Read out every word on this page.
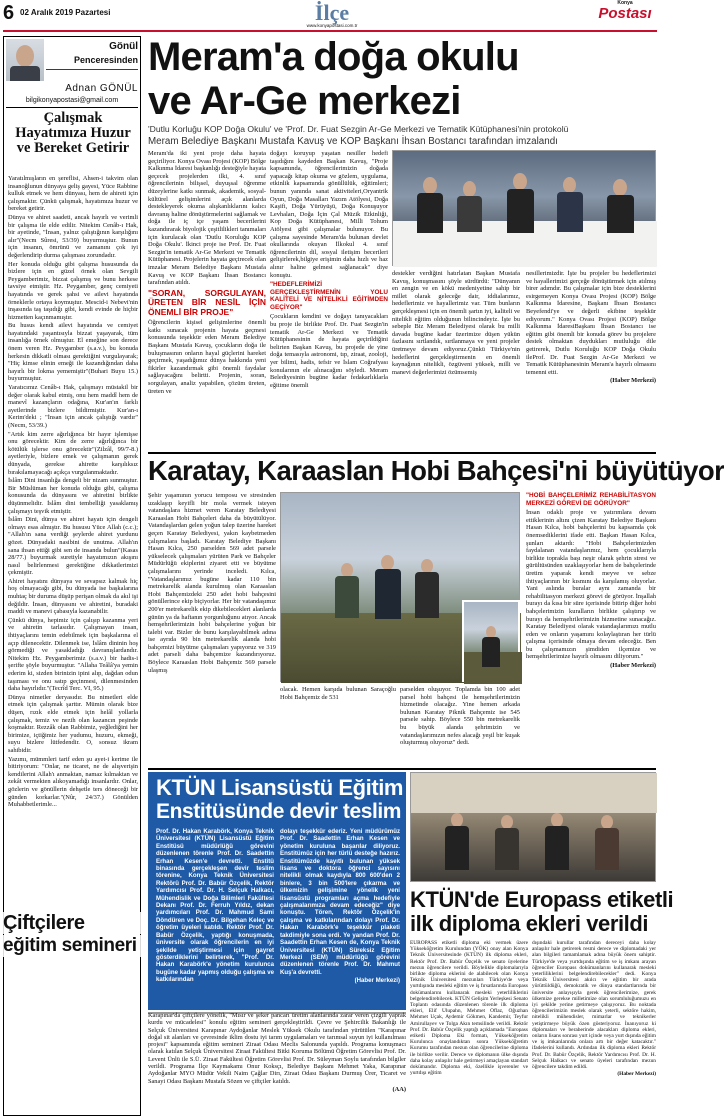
6 02 Aralık 2019 Pazartesi	İlçe
www.konyapostasi.com.tr
Konya
Postası
Gönül
Penceresinden
Adnan GÖNÜL
bilgikonyapostasi@gmail.com
Çalışmak Hayatımıza Huzur ve Bereket Getirir

Yaratılmışların en şereflisi, Ahsen-i takvim olan insanoğlunun dünyaya geliş gayesi, Yüce Rabbine kulluk etmek ve hem dünyası, hem de ahireti için çalışmaktır. Çünkü çalışmak, hayatımıza huzur ve bereket getirir.

Dünya ve ahiret saadeti, ancak hayırlı ve verimli bir çalışma ile elde edilir. Nitekim Cenâb-ı Hak, bir ayetinde, "İnsan, yalnız çalıştığının karşılığını alır"(Necm Sûresi, 53/39) buyurmuştur. Bunun için insanın, ömrünü ve zamanını çok iyi değerlendirip durma çalışması zorundadır.

Her konuda olduğu gibi çalışma hususunda da bizlere için en güzel örnek olan Sevgili Peygamberimiz, bizzat çalışmış ve bunu herkese tavsiye etmiştir. Hz. Peygamber, genç cemiyeti hayatında ve gerek şahsi ve ailevi hayatında örneklerle ortaya koymuştur. Mescid-i Nebevi'nin inşasında taş taşıdığı gibi, kendi evinde de hiçbir hizmetten kaçınmamıştır.

Bu husus kendi ailevi hayatında ve cemiyet hayatındaki yaşantısıyla bizzat yaşayarak, tüm insanlığa örnek olmuştur. El emeğine son derece önem veren Hz. Peygamber (s.a.v.), bu konuda herkesin dikkatli olması gerektiğini vurgulayarak; "Hiç kimse elinin emeği ile kazandığından daha hayırlı bir lokma yememiştir"(Buhari Buyu 15.) buyurmuştur.

Yaratıcımız Cenâb-ı Hak, çalışmayı müstakil bir değer olarak kabul etmiş, onu hem maddî hem de manevî kazançların odağına, Kur'an'ın farklı ayetlerinde bizlere bildirmiştir. Kur'an-ı Kerim'deki ; "İnsan için ancak çalıştığı vardır" (Necm, 53/39.)

"Artık kim zerre ağırlığınca bir hayır işlemişse onu görecektir. Kim de zerre ağırlığınca bir kötülük işlerse onu görecektir"(Zilzâl, 99/7-8.) ayetleriyle, bizlere emek ve çalışmanın gerek dünyada, gerekse ahirette karşılıksız bırakılamayacağı açıkça vurgulanmaktadır.

İslâm Dini insanlığa dengeli bir nizam sunmuştur. Bir Müslüman her konuda olduğu gibi, çalışma konusunda da dünyasını ve ahiretini birlikte düşünmelidir. İslâm dini tembelliği yasaklamış çalışmayı teşvik etmiştir.

İslâm Dini, dünya ve ahiret hayatı için dengeli olmayı esas almıştır. Bu hususu Yüce Allah (c.c.); "Allah'ın sana verdiği şeylerde ahiret yurdunu gözet. Dünyadaki nasibini de unutma. Allah'ın sana ihsan ettiği gibi sen de insanda bulun"(Kasas 28/77.) buyurmak suretiyle hayatımızın akışını nasıl belirlenmesi gerektiğine dikkatlerimizi çekmiştir.

Ahiret hayatını dünyaya ve sevapsız kalmak hiç hoş olmayacağı gibi, bu dünyada ise başkalarına muhtaç bir duruma düşüp perişan olmak da akıl işi değildir. İnsan, dünyasını ve ahiretini, buradaki maddi ve manevi çabasıyla kazanabilir.

Çünkü dünya, hepimiz için çalışıp kazanma yeri ve ahiretin tarlasıdır. Çalışmayan insan, ihtiyaçlarını temin edebilmek için başkalarına el açıp dilenecektir. Dilenmek ise, İslâm dininin hoş görmediği ve yasakladığı davranışlardandır. Nitekim Hz. Peygamberimiz (s.a.v.) bir hadis-i şerifte şöyle buyurmuştur. "Allaha Teâlâ'ya yemin ederim ki, sizden birinizin ipini alıp, dağdan odun taşıması ve onu satıp geçinmesi, dilenmesinden daha hayırlıdır."(Tecrîd Terc. VI, 95.)

Dünya nimetler deryasıdır. Bu nimetleri elde etmek için çalışmak şarttır. Mümin olarak bize düşen, rızık elde etmek için helâl yollarla çalışmak, temiz ve nezih olan kazancın peşinde koşmaktır. Rezzâk olan Rabbimiz, yeğlediğini her birimize, içtiğimiz her yudumu, huzuru, ekmeği, suyu bizlere lütfedendir. O, sonsuz ikram sahibidir.

Yazımı, mümmleri tarif eden şu ayet-i kerime ile bitiriyorum: "Onlar, ne ticaret, ne de alışverişin kendilerini Allah'ı anmaktan, namaz kılmaktan ve zekât vermekten alıkoyamadığı insanlardır. Onlar, gözlerin ve gönüllerin dehşetle ters döneceği bir günden korkarlar."(Nûr, 24/37.) Gönülden Muhabbetlerimle...

Meram'a doğa okulu
ve Ar-Ge merkezi
'Dutlu Korluğu KOP Doğa Okulu' ve 'Prof. Dr. Fuat Sezgin Ar-Ge Merkezi ve Tematik Kütüphanesi'nin protokolü
Meram Belediye Başkanı Mustafa Kavuş ve KOP Başkanı İhsan Bostancı tarafından imzalandı

Meram'da iki yeni proje daha hayata geçiriliyor. Konya Ovası Projesi (KOP) Bölge Kalkınma İdaresi başkanlığı desteğiyle hayata geçecek projelerden ilki, 4. sınıf öğrencilerinin bilişsel, duyuşsal öğrenme düzeylerine katkı sunmak, akademik, sosyal- kültürel gelişimlerini açık alanlarda destekleyerek okuma alışkanlıklarını kalıcı davranış haline dönüştürmelerini sağlamak ve doğa ile iç içe yaşam becerilerini kazandırarak biyolojik çeşitlilikleri tanımaları için kurulacak olan 'Dutlu Koruluğu KOP Doğa Okulu'. İkinci proje ise Prof. Dr. Fuat Sezgin'in tematik Ar-Ge Merkezi ve Tematik Kütüphanesi. Projelerin hayata geçirecek olan imzalar Meram Belediye Başkanı Mustafa Kavuş ve KOP Başkanı İhsan Bostancı tarafından atıldı.

"SORAN, SORGULAYAN, ÜRETEN BİR NESİL İÇİN ÖNEMLİ BİR PROJE"

Öğrencilerin kişisel gelişimlerine önemli katkı sunacak projenin hayata geçmesi konusunda teşekkür eden Meram Belediye Başkanı Mustafa Kavuş, çocukların doğa ile buluşmasının onların hayal güçlerini hareket geçirmek, yaşadığımız dünya hakkında yeni fikirler kazandırmak gibi önemli faydalar sağlayacağını belirtti. Projenin, soran, sorgulayan, analiz yapabilen, çözüm üreten, üreten ve

doğayı koruyup yaşatan nesiller hedefi taşıdığını kaydeden Başkan Kavuş, "Proje kapsamında, öğrencilerimizin doğada yapacağı kitap okuma ve gözlem, uygulama, etkinlik kapsamında gönüllülük, eğitimleri; bunun yanında sanat aktiviteleri,Oryantrik Oyun, Doğa Masalları Yazım Atölyesi, Doğa Kaşifi, Doğa Yürüyüşü, Doğa Konuşuyor Levhaları, Doğa İçin Çal Müzik Etkinliği, Kop Doğa Kütüphanesi, Milli Tohum Atölyesi gibi çalışmalar bulunuyor. Bu çalışma sayesinde Meram'da bulunan devlet okullarında okuyan İlkokul 4. sınıf öğrencilerinin dil, sosyal iletişim becerileri gelişirlerek,bilgiye erişimin daha hızlı ve haz alınır haline gelmesi sağlanacak" diye konuştu.

"HEDEFLERİMİZİ GERÇEKLEŞTİRMENİN YOLU KALİTELİ VE NİTELİKLİ EĞİTİMDEN GEÇİYOR"

Çocukların kendini ve doğayı tanıyacakları bu proje ile birlikte Prof. Dr. Fuat Sezgin'in tematik Ar-Ge Merkezi ve Tematik Kütüphanesinin de hayata geçirildiğini belirten Başkan Kavuş, bu projede de yine doğa temasıyla astronomi, tıp, ziraat, zooloji, yer bilimi, hadis, tefsir ve İslam Coğrafyası konularının ele alınacağını söyledi. Meram Belediyesinin bugüne kadar fedakarlıklarla eğitime önemli

destekler verdiğini hatırlatan Başkan Mustafa Kavuş, konuşmasını şöyle sürdürdü: "Dünyanın en zengin ve en kökü medeniyetine sahip bir millet olarak geleceğe dair, iddialarımız, hedeflerimiz ve hayallerimiz var. Tüm bunların gerçekleşmesi için en önemli şartın iyi, kaliteli ve nitelikli eğitim olduğunun bilincindeyiz. İşte bu sebeple Biz Meram Belediyesi olarak bu milli davada bugüne kadar üzerimize düşen yükün fazlasını sırtlandık, sırtlanmaya ve yeni projeler üretmeye devam ediyoruz.Çünkü Türkiye'nin hedeflerini gerçekleştirmenin en önemli kaynağının nitelikli, özgüveni yüksek, milli ve manevi değerlerimizi özümsemiş

nesillerimizdir. İşte bu projeler bu hedeflerimizi ve hayallerimizi gerçeğe dönüştürmek için atılmış birer adımdır. Bu çalışmalar için bize desteklerini esirgemeyen Konya Ovası Projesi (KOP) Bölge Kalkınma İdaresine, Başkanı İhsan Bostancı Beyefendi'ye ve değerli ekibine teşekkür ediyorum." Konya Ovası Projesi (KOP) Bölge Kalkınma İdaresiBaşkanı İhsan Bostancı ise eğitim gibi önemli bir konuda görev bu projelere destek olmaktan duydukları mutluluğu dile getirerek, Dutlu Koruluğu KOP Doğa Okulu ileProf. Dr. Fuat Sezgin Ar-Ge Merkezi ve Tematik Kütüphanesinin Meram'a hayırlı olmasını temenni etti.

(Haber Merkezi)

Karatay, Karaaslan Hobi Bahçesi'ni büyütüyor

Şehir yaşamının yorucu temposu ve stresinden uzaklaşıp keyifli bir mola vermek isteyen vatandaşlara hizmet veren Karatay Belediyesi Karaaslan Hobi Bahçeleri daha da büyütülüyor. Vatandaşlardan gelen yoğun talep üzerine hareket geçen Karatay Belediyesi, yakın kaybetmeden çalışmalara başladı. Karatay Belediye Başkanı Hasan Kılca, 250 parselden 569 adet parsele yükselecek çalışmaları yürüten Park ve Bahçeler Müdürlüğü ekiplerini ziyaret etti ve büyütme çalışmalarını yerinde inceledi. Kılca, "Vatandaşlarımız bugüne kadar 110 bin metrekarelik alanda kurulmuş olan Karaaslan Hobi Bahçemizdeki 250 adet hobi bahçesini gönüllerince ekip biçiyorlar. Her bir vatandaşımız 200'er metrekarelik ekip dikebilecekleri alanlarda günün ya da haftanın yorgunluğunu atıyor. Ancak hemşehrilerimizin hobi bahçelerine yoğun bir talebi var. Bizler de bunu karşılayabilmek adına ise ayrıda 90 bin metrekarelik alanda hobi bahçemizi büyütme çalışmaları yapıyoruz ve 319 adet parseli daha bahçemize kazandırıyoruz. Böylece Karaaslan Hobi Bahçemiz 569 parsele ulaşmış

olacak. Hemen karşıda bulunan Saraçoğlu Hobi Bahçemiz de 531

parselden oluşuyor. Toplamda bin 100 adet parsel hobi bahçesi ile hemşehrilerimizin hizmetinde olacağız. Yine hemen arkada bulunan Karatay Piknik Bahçemiz ise 545 parsele sahip. Böylece 550 bin metrekarelik bu büyük alanda şehrimizin ve vatandaşlarımızın nefes alacağı yeşil bir kuşak oluşturmuş oluyoruz" dedi.

"HOBİ BAHÇELERİMİZ REHABİLİTASYON MERKEZİ GÖREVİ DE GÖRÜYOR"

İnsan odaklı proje ve yatırımlara devam ettiklerinin altını çizen Karatay Belediye Başkanı Hasan Kılca, hobi bahçelerini bu kapsamda çok önemsediklerini ifade etti. Başkan Hasan Kılca, şunları aktardı: "Hobi Bahçelerimizden faydalanan vatandaşlarımız, hem çocuklarıyla birlikte toprakla başı neşir olarak şehrin stresi ve gürültüsünden uzaklaşıyorlar hem de bahçelerinde üretim yaparak kendi meyve ve sebze ihtiyaçlarının bir kısmını da karşılamış oluyorlar. Yani aslında buralar aynı zamanda bir rehabilitasyon merkezi görevi de görüyor. İnşallah burayı da kısa bir süre içerisinde bitirip diğer hobi bahçelerimizin kuralların birlikte çalıştırıp ve burayı da hemşehrilerimizin hizmetine sunacağız. Karatay Belediyesi olarak vatandaşlarımızı mutlu eden ve onların yaşamını kolaylaştıran her türlü çalışma içerisinde olmaya devam edeceğiz. Ben bu çalışmamızın şimdiden ilçemize ve hemşehrilerimize hayırlı olmasını diliyorum."

(Haber Merkezi)

KTÜN Lisansüstü Eğitim
Enstitüsünde devir teslim

Prof. Dr. Hakan Karabörk, Konya Teknik Üniversitesi (KTÜN) Lisansüstü Eğitim Enstitüsü müdürlüğü görevini düzenlenen törenle Prof. Dr. Saadettin Erhan Kesen'e devretti. Enstitü binasında gerçekleşen devir teslim törenine, Konya Teknik Üniversitesi Rektörü Prof. Dr. Babür Özçelik, Rektör Yardımcısı Prof. Dr. H. Selçuk Halkacı, Mühendislik ve Doğa Bilimleri Fakültesi Dekanı Prof. Dr. Ferruh Yıldız, dekan yardımcıları Prof. Dr. Mahmud Sami Döndüren ve Doç. Dr. Bilgehan Keleç ve öğretim üyeleri katıldı. Rektör Prof. Dr. Babür Özçelik, yaptığı konuşmada, üniversite olarak öğrencilerin en iyi şekilde yetiştirmesi için gayret gösterdiklerini belirterek, "Prof. Dr. Hakan Karabörk'e yönetim kurulunca bugüne kadar yapmış olduğu çalışma ve katkılarından

dolayı teşekkür ederiz. Yeni müdürümüz Prof. Dr. Saadettin Erhan Kesen ve yönetim kuruluna başarılar diliyoruz. Enstitümüz için her türlü desteğe hazırız. Enstitümüzde kayıtlı bulunan yüksek lisans ve doktora öğrenci sayısını nitelikli olmak kaydıyla 800 600'den 2 binlere, 3 bin 500'lere çıkarma ve ülkemizin gelişimine yönelik yeni lisansüstü programları açma hedefiyle çalışmalarımıza devam edeceğiz" diye konuştu. Tören, Rektör Özçelik'in çalışma ve katkılarından dolayı Prof. Dr. Hakan Karabörk'e teşekkür plaketi takdimiyle sona erdi. Ye yandan Prof. Dr. Saadettin Erhan Kesen de, Konya Teknik Üniversitesi (KTÜN) Süreksiz Eğitim Merkezi (SEM) müdürlüğü görevini düzenlenen törenle Prof. Dr. Mahmut Kuş'a devretti.

(Haber Merkezi)

KTÜN'de Europass etiketli
ilk diploma ekleri verildi

EUROPASS etiketli diploma eki vermek üzere Yükseköğretim Kurulundan (YÖK) onay alan Konya Teknik Üniversitesinde (KTÜN) ilk diploma ekleri, Rektör Prof. Dr. Babür Özçelik ve senato üyelerine mezun öğrencilere verildi. Böylelikle diplomalarıyla birlikte diploma eklerini de alabilecek olan Konya Teknik Üniversitesi mezunları Türkiye'de veya yurtdışında mesleki eğitim ve iş fırsatlarında Europass dokümanlarını kullanarak mesleki yeterliliklerini belgelendirebilecek. KTÜN Gelişim Yerleşkesi Senato Toplantı odasında düzenlenen törenle ilk diploma ekleri, Elif Ulupahn, Mehmet Oflaz, Oğuzhan Mehmet Uçak, Aydemir Gökmen, Kandemir, Teyfur Amirullayev ve Tolga Akın temsilinde verildi. Rektör Prof. Dr. Babür Özçelik yaptığı açıklamada "Europass etiketli Diploma Eki formatı, Yükseköğretim Kurulunca onaylandıktan sonra Yükseköğretim Kurumu tarafından mezun olan öğrencilerine diploma ile birlikte verilir. Derece ve diplomanın ülke dışında daha kolay anlaşılır hale getirmeyi amaçlayan standart dokümandır. Diploma eki, özellikle işverenler ve yurtdışı eğitim

dışındaki kurullar tarafından dereceyi daha kolay anlaşılır hale getirerek resmi derece ve diplomadaki yer alan bilgileri tamamlamak adına büyük önem sahiptir. Türkiye'de veya yurtdışında eğitim ve iş imkanı arayan öğrenciler Europass dokümanlarını kullanarak mesleki yeterliliklerini belgelendirebilecekler" dedi. Konya Teknik Üniversitesi akılcı ve eğitim bir arada yürüttüldüğü, demokratik ve dünya standartlarında bir üniversite anlayışıyla gerek öğrencilerimize, gerek ülkemize gerekse milletimize olan sorumluluğumuzu en iyi şekilde yerine getirmeye çalışıyoruz. Bu noktada öğrencilerimizin meslek olarak yeterli, sektöre hakim, nitelikli mühendisler, mimarlar ve teknikerler yetiştirmeye büyük özen gösteriyoruz. İnanıyoruz ki diplomaları ve beraberinde alacakları diploma ekleri, onların lisans sonrası yurt içinde veya yurt dışında eğitim ve iş imkanlarında onlara artı bir değer katacaktır." ifadelerini kullandı. Ardından ilk diploma ekleri Rektör Prof. Dr. Babür Özçelik, Rektör Yardımcısı Prof. Dr. H. Selçuk Halkacı ve senato üyeleri tarafından mezun öğrencilere takdim edildi.

(Haber Merkezi)

Çiftçilere
eğitim semineri

Karapınar'da çiftçilere yönelik, "Mısır ve şeker pancarı üretim alanlarında zarar veren çizgili yaprak kurdu ve mücadelesi" konulu eğitim semineri gerçekleştirildi. Çevre ve Şehircilik Bakanlığı ile Selçuk Üniversitesi Karapınar Aydoğanlar Meslek Yüksek Okulu tarafından yürütülen "Karapınar doğal sit alanları ve çevresinde iklim dostu iyi tarım uygulamaları ve tarımsal suyun iyi kullanılması projesi" kapsamında eğitim semineri Ziraat Odası Meclis Salonunda yapıldı. Programa konuşmacı olarak katılan Selçuk Üniversitesi Ziraat Fakültesi Bitki Koruma Bölümü Öğretim Görevlisi Prof. Dr. Levent Ünlü ile S.Ü. Ziraat Fakültesi Öğretim Görevlisi Prof. Dr. Süleyman Soylu tarafından bilgiler verildi. Programa İlçe Kaymakamı Onur Koksçı, Belediye Başkanı Mehmet Yaka, Karapınar Aydoğanlar MYO Müdür Vekili Naim Çağlar Dirı, Ziraat Odası Başkanı Durmuş Ürer, Ticaret ve Sanayi Odası Başkanı Mustafa Sözen ve çiftçiler katıldı.

(AA)
